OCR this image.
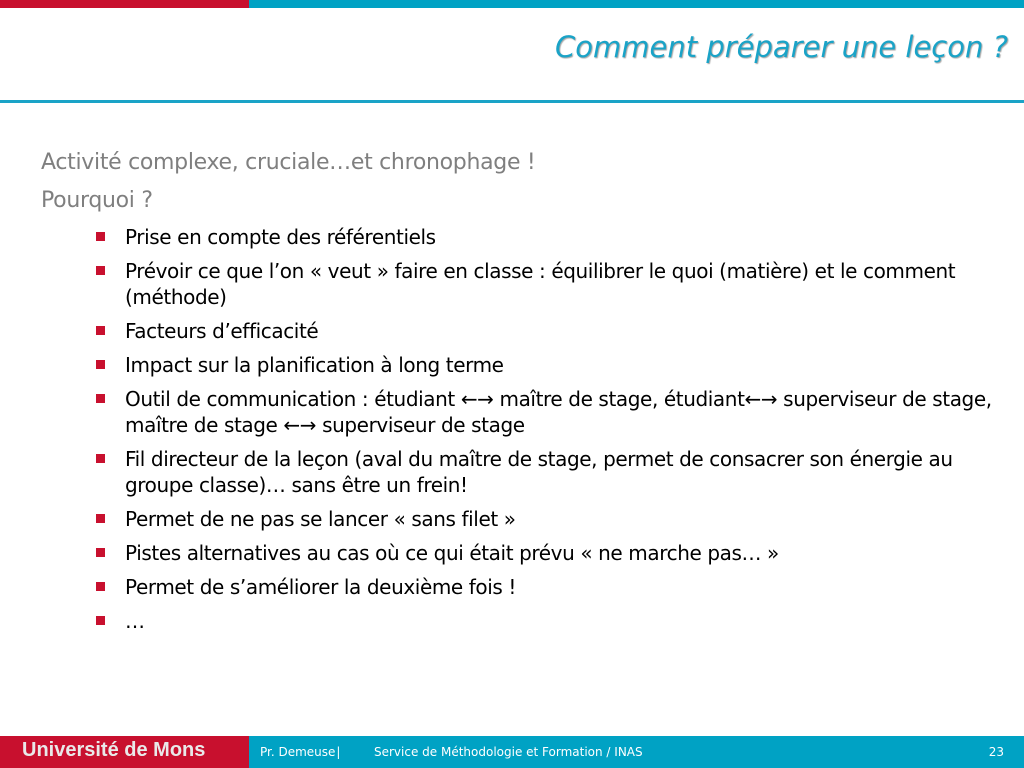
Comment préparer une leçon ?

Activité complexe, cruciale…et chronophage !

Pourquoi ?

Prise en compte des référentiels
Prévoir ce que l’on « veut » faire en classe : équilibrer le quoi (matière) et le comment (méthode)
Facteurs d’efficacité
Impact sur la planification à long terme
Outil de communication : étudiant ←→ maître de stage, étudiant←→ superviseur de stage, maître de stage ←→ superviseur de stage
Fil directeur de la leçon (aval du maître de stage, permet de consacrer son énergie au groupe classe)… sans être un frein!
Permet de ne pas se lancer « sans filet »
Pistes alternatives au cas où ce qui était prévu « ne marche pas… »
Permet de s’améliorer la deuxième fois !
…
Université de Mons	Pr. Demeuse|	Service de Méthodologie et Formation / INAS	23
